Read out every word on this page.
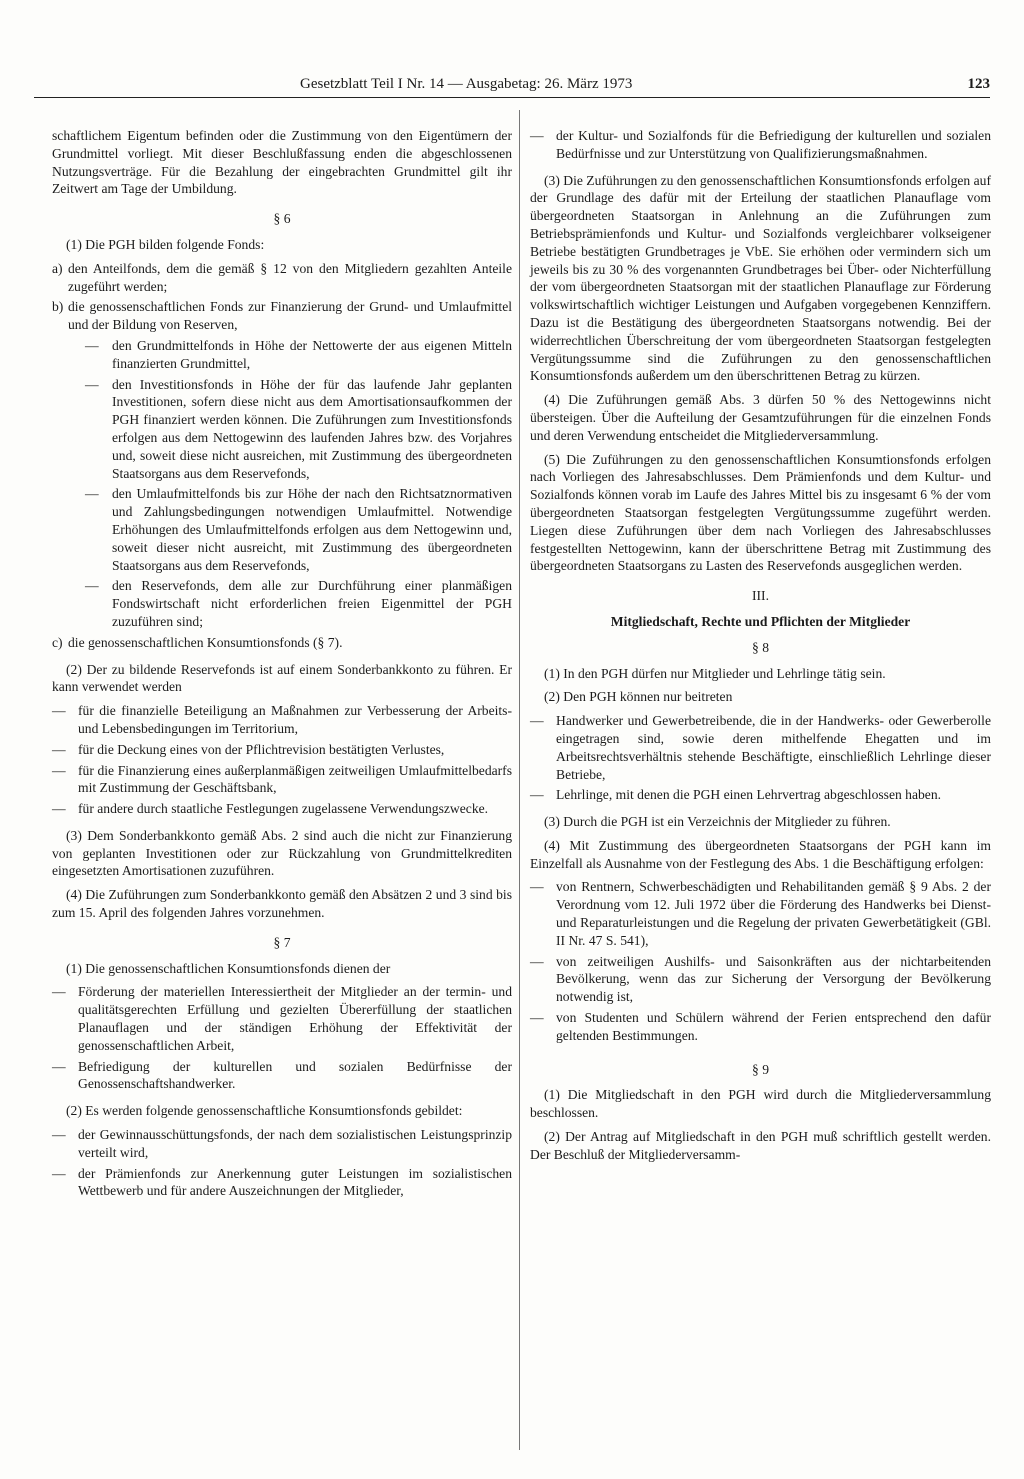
Gesetzblatt Teil I Nr. 14 — Ausgabetag: 26. März 1973	123

schaftlichem Eigentum befinden oder die Zustimmung von den Eigentümern der Grundmittel vorliegt. Mit dieser Beschlußfassung enden die abgeschlossenen Nutzungsverträge. Für die Bezahlung der eingebrachten Grundmittel gilt ihr Zeitwert am Tage der Umbildung.

§ 6

(1) Die PGH bilden folgende Fonds:

a) den Anteilfonds, dem die gemäß § 12 von den Mitgliedern gezahlten Anteile zugeführt werden;
b) die genossenschaftlichen Fonds zur Finanzierung der Grund- und Umlaufmittel und der Bildung von Reserven,
— den Grundmittelfonds in Höhe der Nettowerte der aus eigenen Mitteln finanzierten Grundmittel,
— den Investitionsfonds in Höhe der für das laufende Jahr geplanten Investitionen, sofern diese nicht aus dem Amortisationsaufkommen der PGH finanziert werden können. Die Zuführungen zum Investitionsfonds erfolgen aus dem Nettogewinn des laufenden Jahres bzw. des Vorjahres und, soweit diese nicht ausreichen, mit Zustimmung des übergeordneten Staatsorgans aus dem Reservefonds,
— den Umlaufmittelfonds bis zur Höhe der nach den Richtsatznormativen und Zahlungsbedingungen notwendigen Umlaufmittel. Notwendige Erhöhungen des Umlaufmittelfonds erfolgen aus dem Nettogewinn und, soweit dieser nicht ausreicht, mit Zustimmung des übergeordneten Staatsorgans aus dem Reservefonds,
— den Reservefonds, dem alle zur Durchführung einer planmäßigen Fondswirtschaft nicht erforderlichen freien Eigenmittel der PGH zuzuführen sind;
c) die genossenschaftlichen Konsumtionsfonds (§ 7).

(2) Der zu bildende Reservefonds ist auf einem Sonderbankkonto zu führen. Er kann verwendet werden

— für die finanzielle Beteiligung an Maßnahmen zur Verbesserung der Arbeits- und Lebensbedingungen im Territorium,
— für die Deckung eines von der Pflichtrevision bestätigten Verlustes,
— für die Finanzierung eines außerplanmäßigen zeitweiligen Umlaufmittelbedarfs mit Zustimmung der Geschäftsbank,
— für andere durch staatliche Festlegungen zugelassene Verwendungszwecke.

(3) Dem Sonderbankkonto gemäß Abs. 2 sind auch die nicht zur Finanzierung von geplanten Investitionen oder zur Rückzahlung von Grundmittelkrediten eingesetzten Amortisationen zuzuführen.

(4) Die Zuführungen zum Sonderbankkonto gemäß den Absätzen 2 und 3 sind bis zum 15. April des folgenden Jahres vorzunehmen.

§ 7

(1) Die genossenschaftlichen Konsumtionsfonds dienen der

— Förderung der materiellen Interessiertheit der Mitglieder an der termin- und qualitätsgerechten Erfüllung und gezielten Übererfüllung der staatlichen Planauflagen und der ständigen Erhöhung der Effektivität der genossenschaftlichen Arbeit,
— Befriedigung der kulturellen und sozialen Bedürfnisse der Genossenschaftshandwerker.

(2) Es werden folgende genossenschaftliche Konsumtionsfonds gebildet:

— der Gewinnausschüttungsfonds, der nach dem sozialistischen Leistungsprinzip verteilt wird,
— der Prämienfonds zur Anerkennung guter Leistungen im sozialistischen Wettbewerb und für andere Auszeichnungen der Mitglieder,
— der Kultur- und Sozialfonds für die Befriedigung der kulturellen und sozialen Bedürfnisse und zur Unterstützung von Qualifizierungsmaßnahmen.

(3) Die Zuführungen zu den genossenschaftlichen Konsumtionsfonds erfolgen auf der Grundlage des dafür mit der Erteilung der staatlichen Planauflage vom übergeordneten Staatsorgan in Anlehnung an die Zuführungen zum Betriebsprämienfonds und Kultur- und Sozialfonds vergleichbarer volkseigener Betriebe bestätigten Grundbetrages je VbE. Sie erhöhen oder vermindern sich um jeweils bis zu 30 % des vorgenannten Grundbetrages bei Über- oder Nichterfüllung der vom übergeordneten Staatsorgan mit der staatlichen Planauflage zur Förderung volkswirtschaftlich wichtiger Leistungen und Aufgaben vorgegebenen Kennziffern. Dazu ist die Bestätigung des übergeordneten Staatsorgans notwendig. Bei der widerrechtlichen Überschreitung der vom übergeordneten Staatsorgan festgelegten Vergütungssumme sind die Zuführungen zu den genossenschaftlichen Konsumtionsfonds außerdem um den überschrittenen Betrag zu kürzen.

(4) Die Zuführungen gemäß Abs. 3 dürfen 50 % des Nettogewinns nicht übersteigen. Über die Aufteilung der Gesamtzuführungen für die einzelnen Fonds und deren Verwendung entscheidet die Mitgliederversammlung.

(5) Die Zuführungen zu den genossenschaftlichen Konsumtionsfonds erfolgen nach Vorliegen des Jahresabschlusses. Dem Prämienfonds und dem Kultur- und Sozialfonds können vorab im Laufe des Jahres Mittel bis zu insgesamt 6 % der vom übergeordneten Staatsorgan festgelegten Vergütungssumme zugeführt werden. Liegen diese Zuführungen über dem nach Vorliegen des Jahresabschlusses festgestellten Nettogewinn, kann der überschrittene Betrag mit Zustimmung des übergeordneten Staatsorgans zu Lasten des Reservefonds ausgeglichen werden.

III.
Mitgliedschaft, Rechte und Pflichten der Mitglieder
§ 8

(1) In den PGH dürfen nur Mitglieder und Lehrlinge tätig sein.

(2) Den PGH können nur beitreten

— Handwerker und Gewerbetreibende, die in der Handwerks- oder Gewerberolle eingetragen sind, sowie deren mithelfende Ehegatten und im Arbeitsrechtsverhältnis stehende Beschäftigte, einschließlich Lehrlinge dieser Betriebe,
— Lehrlinge, mit denen die PGH einen Lehrvertrag abgeschlossen haben.

(3) Durch die PGH ist ein Verzeichnis der Mitglieder zu führen.

(4) Mit Zustimmung des übergeordneten Staatsorgans der PGH kann im Einzelfall als Ausnahme von der Festlegung des Abs. 1 die Beschäftigung erfolgen:

— von Rentnern, Schwerbeschädigten und Rehabilitanden gemäß § 9 Abs. 2 der Verordnung vom 12. Juli 1972 über die Förderung des Handwerks bei Dienst- und Reparaturleistungen und die Regelung der privaten Gewerbetätigkeit (GBl. II Nr. 47 S. 541),
— von zeitweiligen Aushilfs- und Saisonkräften aus der nichtarbeitenden Bevölkerung, wenn das zur Sicherung der Versorgung der Bevölkerung notwendig ist,
— von Studenten und Schülern während der Ferien entsprechend den dafür geltenden Bestimmungen.
§ 9

(1) Die Mitgliedschaft in den PGH wird durch die Mitgliederversammlung beschlossen.

(2) Der Antrag auf Mitgliedschaft in den PGH muß schriftlich gestellt werden. Der Beschluß der Mitgliederversamm-
